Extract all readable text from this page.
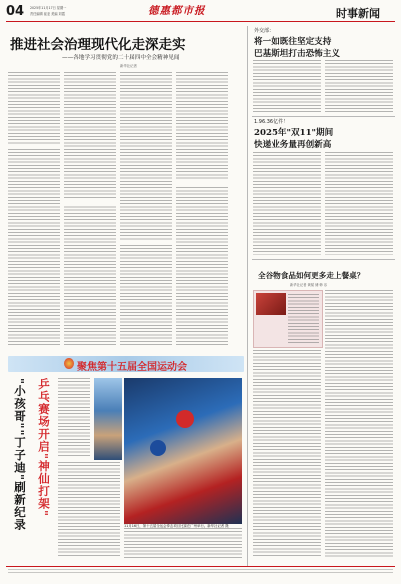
04 2025年11月17日 星期一
责任编辑 崔亚 美编 刘霞	德惠都市报	时事新闻
推进社会治理现代化走深走实
——各地学习贯彻党的二十届四中全会精神见闻
新华社记者
外交部：
将一如既往坚定支持
巴基斯坦打击恐怖主义
1.96.36亿件！
2025年"双11"期间
快递业务量再创新高
全谷物食品如何更多走上餐桌？
新华社记者 黄韬 储 韩 乐
聚焦第十五届全国运动会
乒乓赛场开启"神仙打架"
"小孩哥""丁子迪"刷新纪录	11月16日，第十五届全运会拳击项目比赛在广州举行。新华社记者 摄
